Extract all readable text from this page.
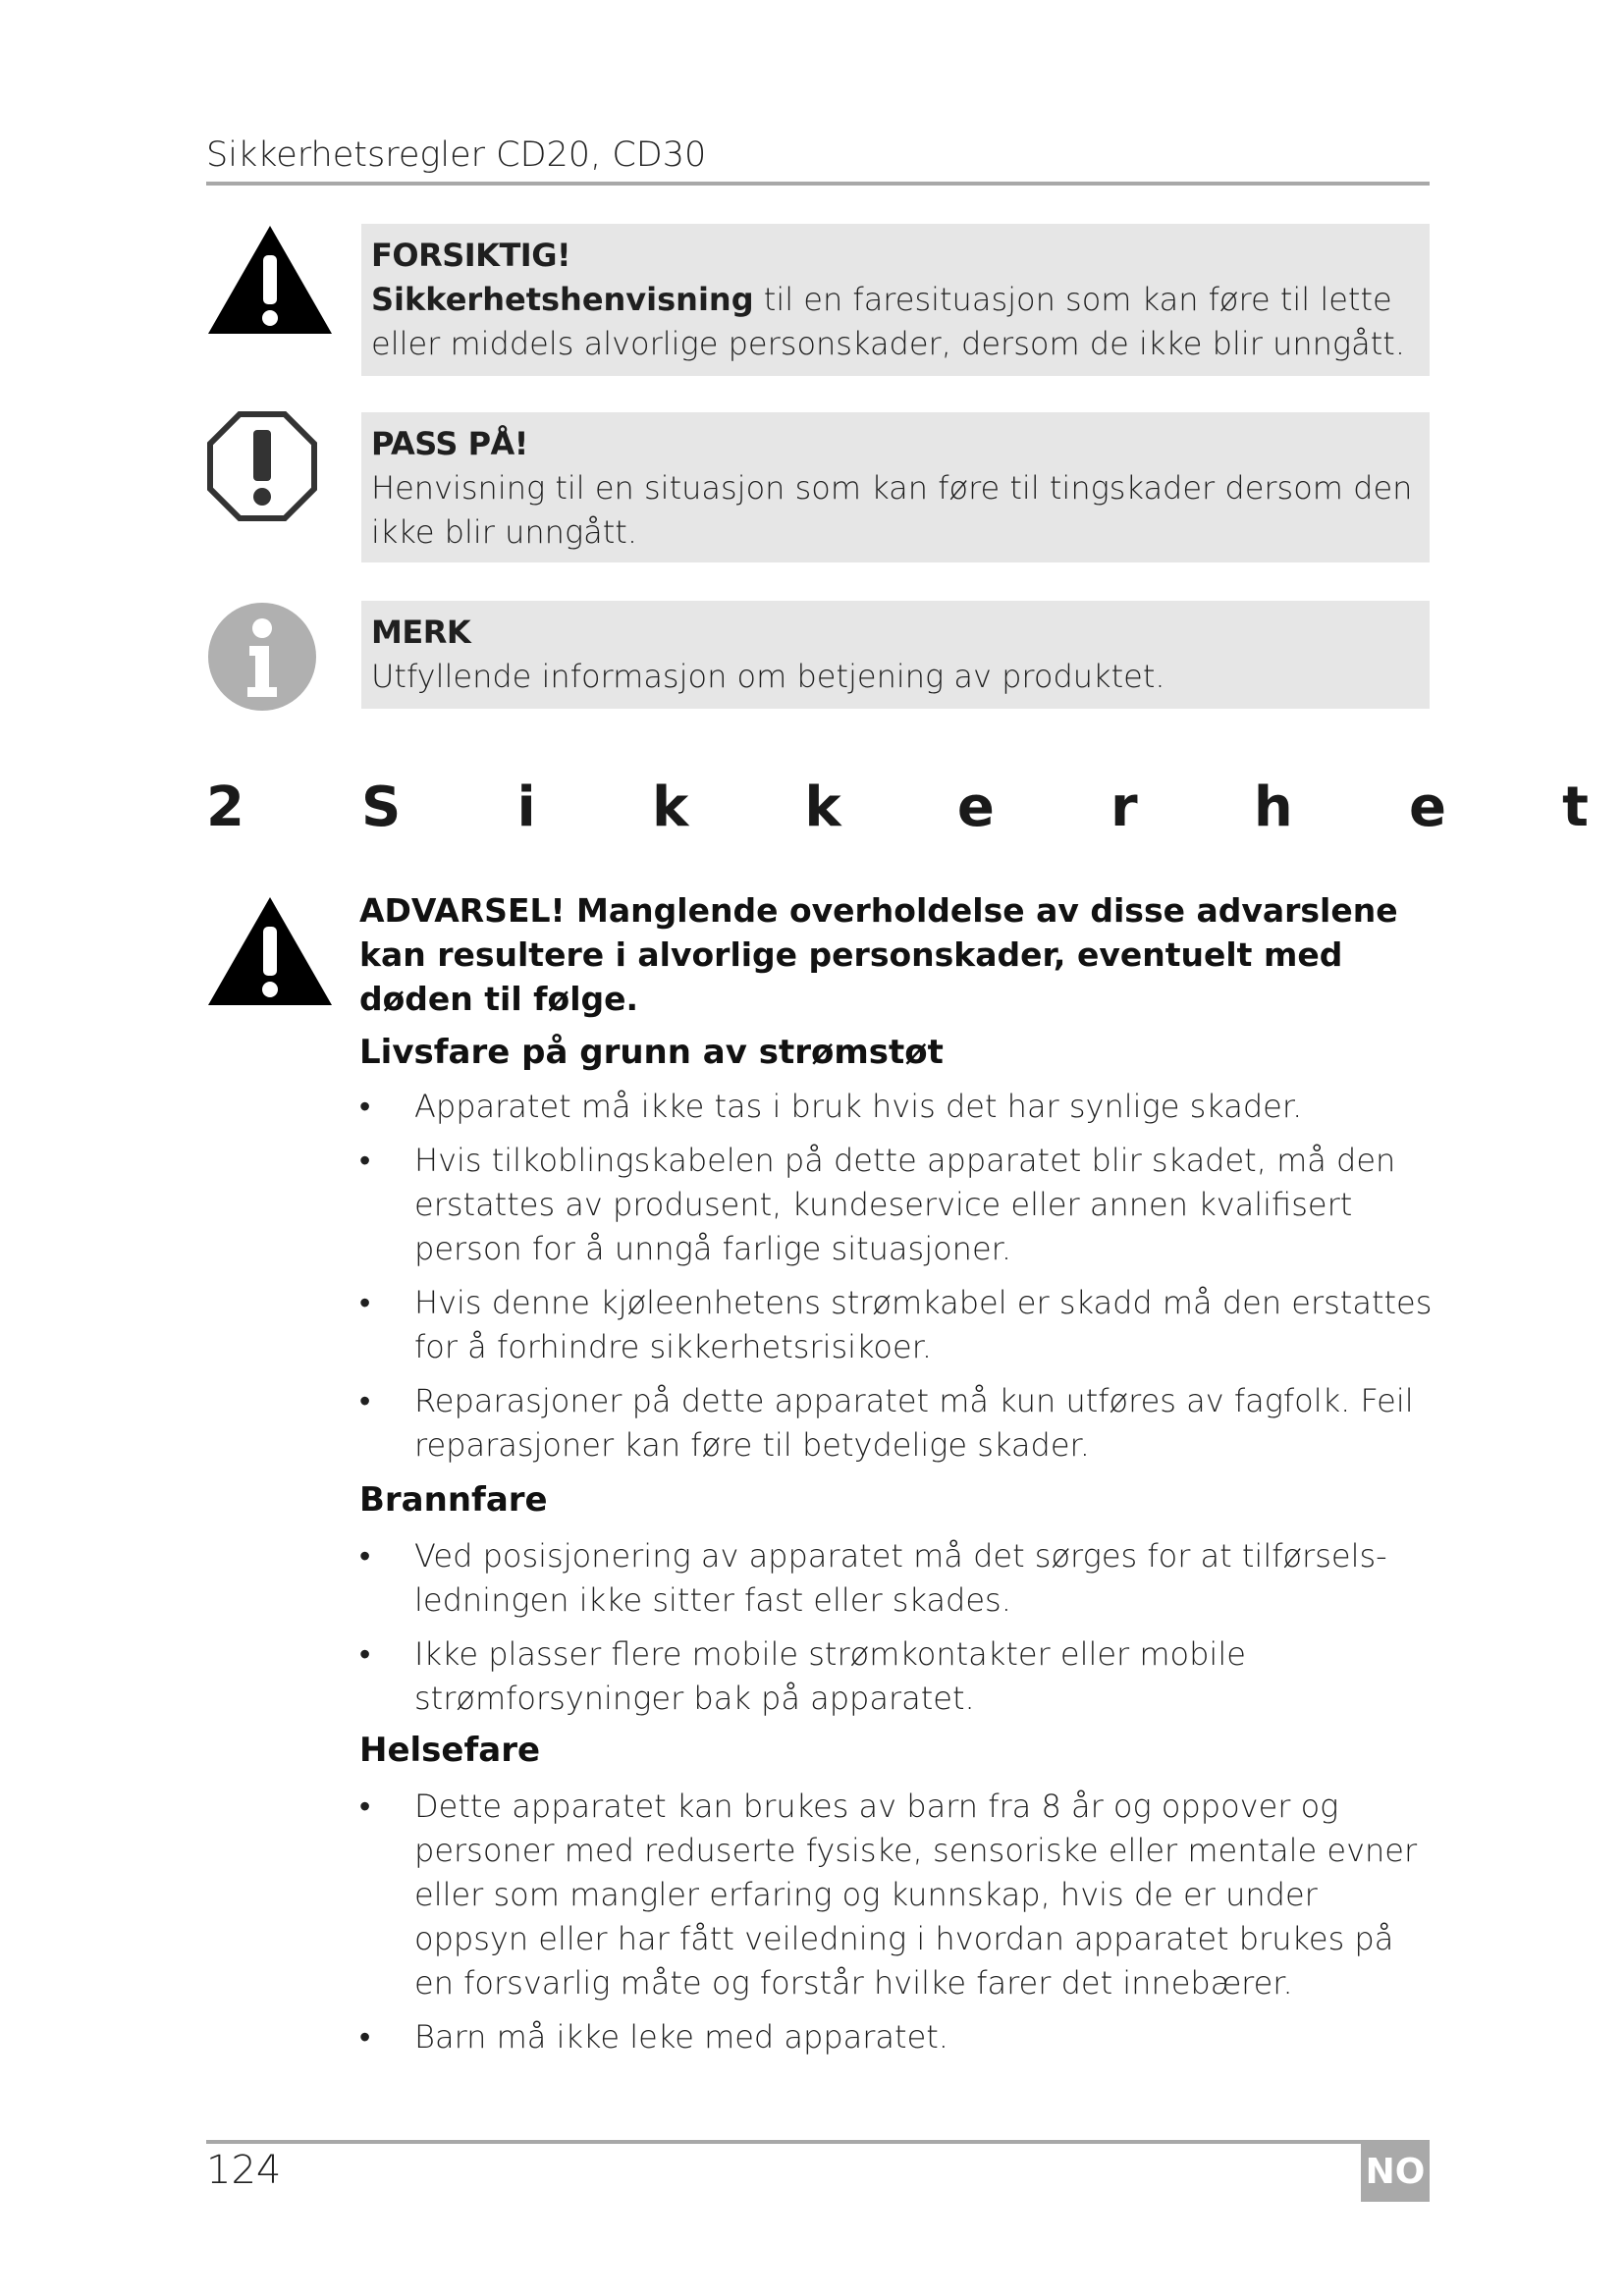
Sikkerhetsregler CD20, CD30
FORSIKTIG!
Sikkerhetshenvisning til en faresituasjon som kan føre til lette eller middels alvorlige personskader, dersom de ikke blir unngått.
PASS PÅ!
Henvisning til en situasjon som kan føre til tingskader dersom den ikke blir unngått.
MERK
Utfyllende informasjon om betjening av produktet.
2 S i k k e r h e t
ADVARSEL! Manglende overholdelse av disse advarslene kan resultere i alvorlige personskader, eventuelt med døden til følge.
Livsfare på grunn av strømstøt
• Apparatet må ikke tas i bruk hvis det har synlige skader.
• Hvis tilkoblingskabelen på dette apparatet blir skadet, må den erstattes av produsent, kundeservice eller annen kvalifisert person for å unngå farlige situasjoner.
• Hvis denne kjøleenhetens strømkabel er skadd må den erstattes for å forhindre sikkerhetsrisikoer.
• Reparasjoner på dette apparatet må kun utføres av fagfolk. Feil reparasjoner kan føre til betydelige skader.
Brannfare
• Ved posisjonering av apparatet må det sørges for at tilførsels-ledningen ikke sitter fast eller skades.
• Ikke plasser flere mobile strømkontakter eller mobile strømforsyninger bak på apparatet.
Helsefare
• Dette apparatet kan brukes av barn fra 8 år og oppover og personer med reduserte fysiske, sensoriske eller mentale evner eller som mangler erfaring og kunnskap, hvis de er under oppsyn eller har fått veiledning i hvordan apparatet brukes på en forsvarlig måte og forstår hvilke farer det innebærer.
• Barn må ikke leke med apparatet.
124	NO
